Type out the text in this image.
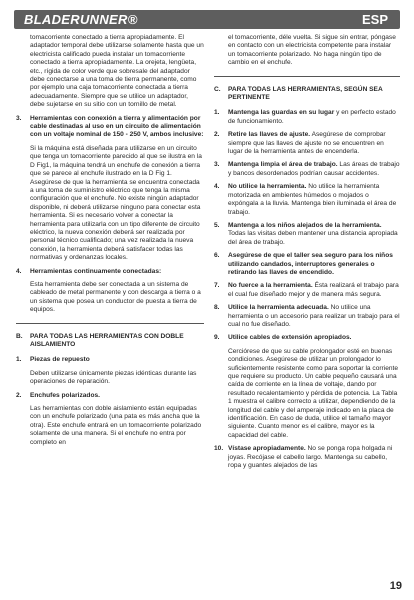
BLADERUNNER®	ESP

tomacorriente conectado a tierra apropiadamente. El adaptador temporal debe utilizarse solamente hasta que un electricista calificado pueda instalar un tomacorriente conectado a tierra apropiadamente. La orejeta, lengüeta, etc., rígida de color verde que sobresale del adaptador debe conectarse a una toma de tierra permanente, como por ejemplo una caja tomacorriente conectada a tierra adecuadamente. Siempre que se utilice un adaptador, debe sujetarse en su sitio con un tornillo de metal.

3. Herramientas con conexión a tierra y alimentación por cable destinadas al uso en un circuito de alimentación con un voltaje nominal de 150 - 250 V, ambos inclusive:
Si la máquina está diseñada para utilizarse en un circuito que tenga un tomacorriente parecido al que se ilustra en la D Fig1, la máquina tendrá un enchufe de conexión a tierra que se parece al enchufe ilustrado en la D Fig 1. Asegúrese de que la herramienta se encuentra conectada a una toma de suministro eléctrico que tenga la misma configuración que el enchufe. No existe ningún adaptador disponible, ni deberá utilizarse ninguno para conectar esta herramienta. Si es necesario volver a conectar la herramienta para utilizarla con un tipo diferente de circuito eléctrico, la nueva conexión deberá ser realizada por personal técnico cualificado; una vez realizada la nueva conexión, la herramienta deberá satisfacer todas las normativas y ordenanzas locales.
4. Herramientas continuamente conectadas:
Esta herramienta debe ser conectada a un sistema de cableado de metal permanente y con descarga a tierra o a un sistema que posea un conductor de puesta a tierra de equipos.
B. PARA TODAS LAS HERRAMIENTAS CON DOBLE AISLAMIENTO
1. Piezas de repuesto
Deben utilizarse únicamente piezas idénticas durante las operaciones de reparación.
2. Enchufes polarizados.
Las herramientas con doble aislamiento están equipadas con un enchufe polarizado (una pata es más ancha que la otra). Este enchufe entrará en un tomacorriente polarizado solamente de una manera. Si el enchufe no entra por completo en

el tomacorriente, déle vuelta. Si sigue sin entrar, póngase en contacto con un electricista competente para instalar un tomacorriente polarizado. No haga ningún tipo de cambio en el enchufe.

C. PARA TODAS LAS HERRAMIENTAS, SEGÚN SEA PERTINENTE
1. Mantenga las guardas en su lugar y en perfecto estado de funcionamiento.
2. Retire las llaves de ajuste. Asegúrese de comprobar siempre que las llaves de ajuste no se encuentren en lugar de la herramienta antes de encenderla.
3. Mantenga limpia el área de trabajo. Las áreas de trabajo y bancos desordenados podrían causar accidentes.
4. No utilice la herramienta. No utilice la herramienta motorizada en ambientes húmedos o mojados o expóngala a la lluvia. Mantenga bien iluminada el área de trabajo.
5. Mantenga a los niños alejados de la herramienta. Todas las visitas deben mantener una distancia apropiada del área de trabajo.
6. Asegúrese de que el taller sea seguro para los niños utilizando candados, interruptores generales o retirando las llaves de encendido.
7. No fuerce a la herramienta. Ésta realizará el trabajo para el cual fue diseñado mejor y de manera más segura.
8. Utilice la herramienta adecuada. No utilice una herramienta o un accesorio para realizar un trabajo para el cual no fue diseñado.
9. Utilice cables de extensión apropiados.
Cerciórese de que su cable prolongador esté en buenas condiciones. Asegúrese de utilizar un prolongador lo suficientemente resistente como para soportar la corriente que requiere su producto. Un cable pequeño causará una caída de corriente en la línea de voltaje, dando por resultado recalentamiento y pérdida de potencia. La Tabla 1 muestra el calibre correcto a utilizar, dependiendo de la longitud del cable y del amperaje indicado en la placa de identificación. En caso de duda, utilice el tamaño mayor siguiente. Cuanto menor es el calibre, mayor es la capacidad del cable.
10. Vístase apropiadamente. No se ponga ropa holgada ni joyas. Recójase el cabello largo. Mantenga su cabello, ropa y guantes alejados de las
19
